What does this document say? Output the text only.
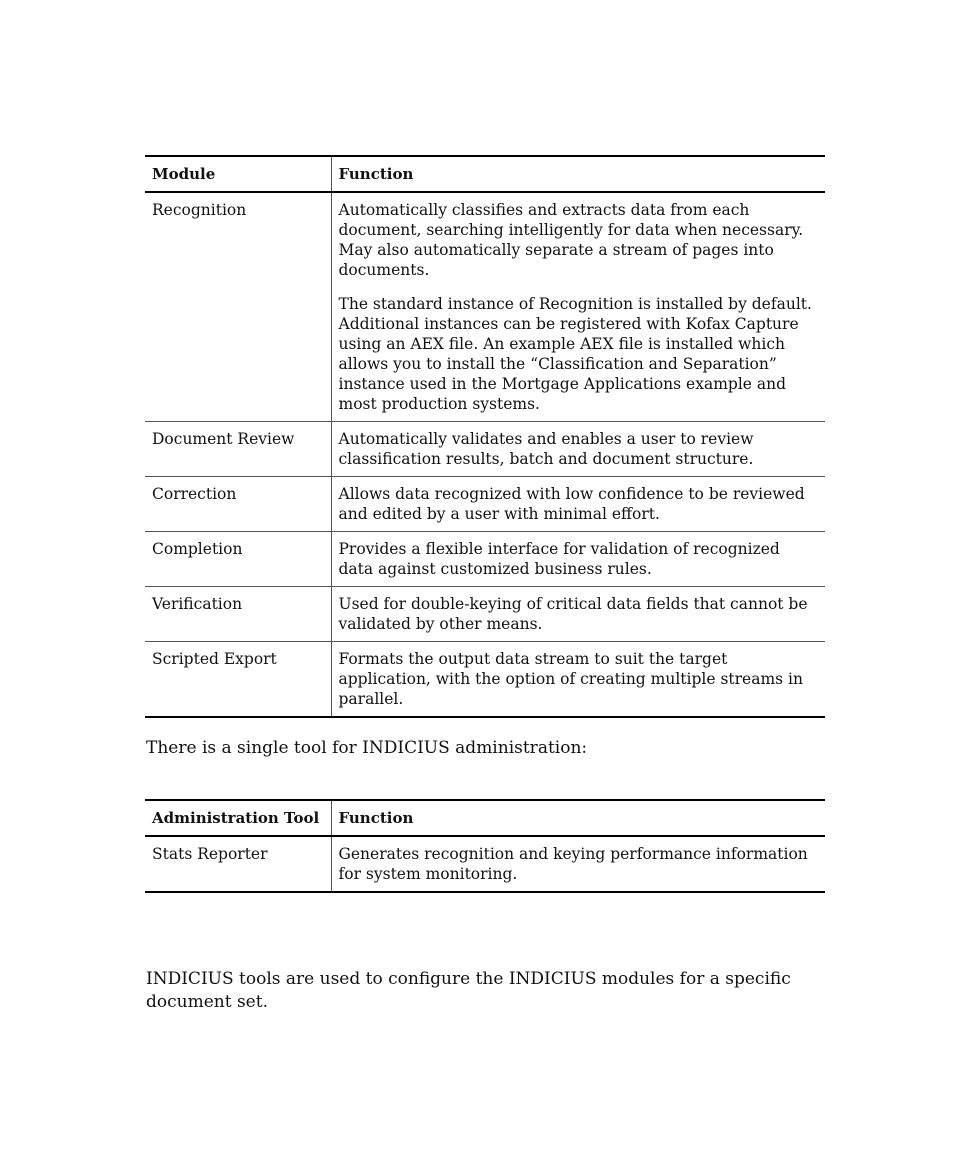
Module	Function
Recognition	Automatically classifies and extracts data from each document, searching intelligently for data when necessary. May also automatically separate a stream of pages into documents.

The standard instance of Recognition is installed by default. Additional instances can be registered with Kofax Capture using an AEX file. An example AEX file is installed which allows you to install the “Classification and Separation” instance used in the Mortgage Applications example and most production systems.

Document Review	Automatically validates and enables a user to review classification results, batch and document structure.
Correction	Allows data recognized with low confidence to be reviewed and edited by a user with minimal effort.
Completion	Provides a flexible interface for validation of recognized data against customized business rules.
Verification	Used for double-keying of critical data fields that cannot be validated by other means.
Scripted Export	Formats the output data stream to suit the target application, with the option of creating multiple streams in parallel.

There is a single tool for INDICIUS administration:

Administration Tool	Function
Stats Reporter	Generates recognition and keying performance information for system monitoring.

INDICIUS tools are used to configure the INDICIUS modules for a specific document set.
